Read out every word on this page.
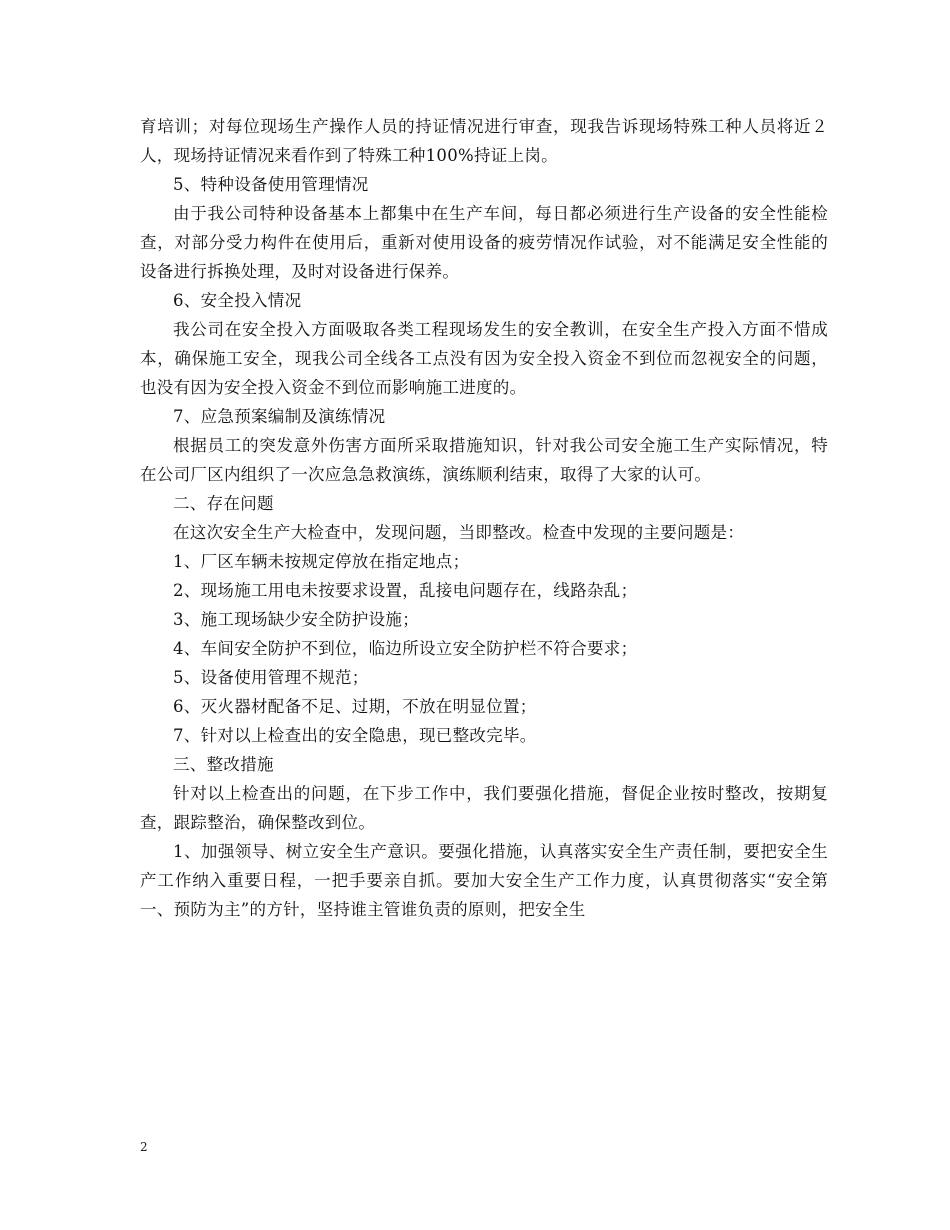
育培训；对每位现场生产操作人员的持证情况进行审查，现我告诉现场特殊工种人员将近２人，现场持证情况来看作到了特殊工种100%持证上岗。

5、特种设备使用管理情况

由于我公司特种设备基本上都集中在生产车间，每日都必须进行生产设备的安全性能检查，对部分受力构件在使用后，重新对使用设备的疲劳情况作试验，对不能满足安全性能的设备进行拆换处理，及时对设备进行保养。

6、安全投入情况

我公司在安全投入方面吸取各类工程现场发生的安全教训，在安全生产投入方面不惜成本，确保施工安全，现我公司全线各工点没有因为安全投入资金不到位而忽视安全的问题，也没有因为安全投入资金不到位而影响施工进度的。

7、应急预案编制及演练情况

根据员工的突发意外伤害方面所采取措施知识，针对我公司安全施工生产实际情况，特在公司厂区内组织了一次应急急救演练，演练顺利结束，取得了大家的认可。

二、存在问题

在这次安全生产大检查中，发现问题，当即整改。检查中发现的主要问题是：

1、厂区车辆未按规定停放在指定地点；

2、现场施工用电未按要求设置，乱接电问题存在，线路杂乱；

3、施工现场缺少安全防护设施；

4、车间安全防护不到位，临边所设立安全防护栏不符合要求；

5、设备使用管理不规范；

6、灭火器材配备不足、过期，不放在明显位置；

7、针对以上检查出的安全隐患，现已整改完毕。

三、整改措施

针对以上检查出的问题，在下步工作中，我们要强化措施，督促企业按时整改，按期复查，跟踪整治，确保整改到位。

1、加强领导、树立安全生产意识。要强化措施，认真落实安全生产责任制，要把安全生产工作纳入重要日程，一把手要亲自抓。要加大安全生产工作力度，认真贯彻落实“安全第一、预防为主”的方针，坚持谁主管谁负责的原则，把安全生

2
